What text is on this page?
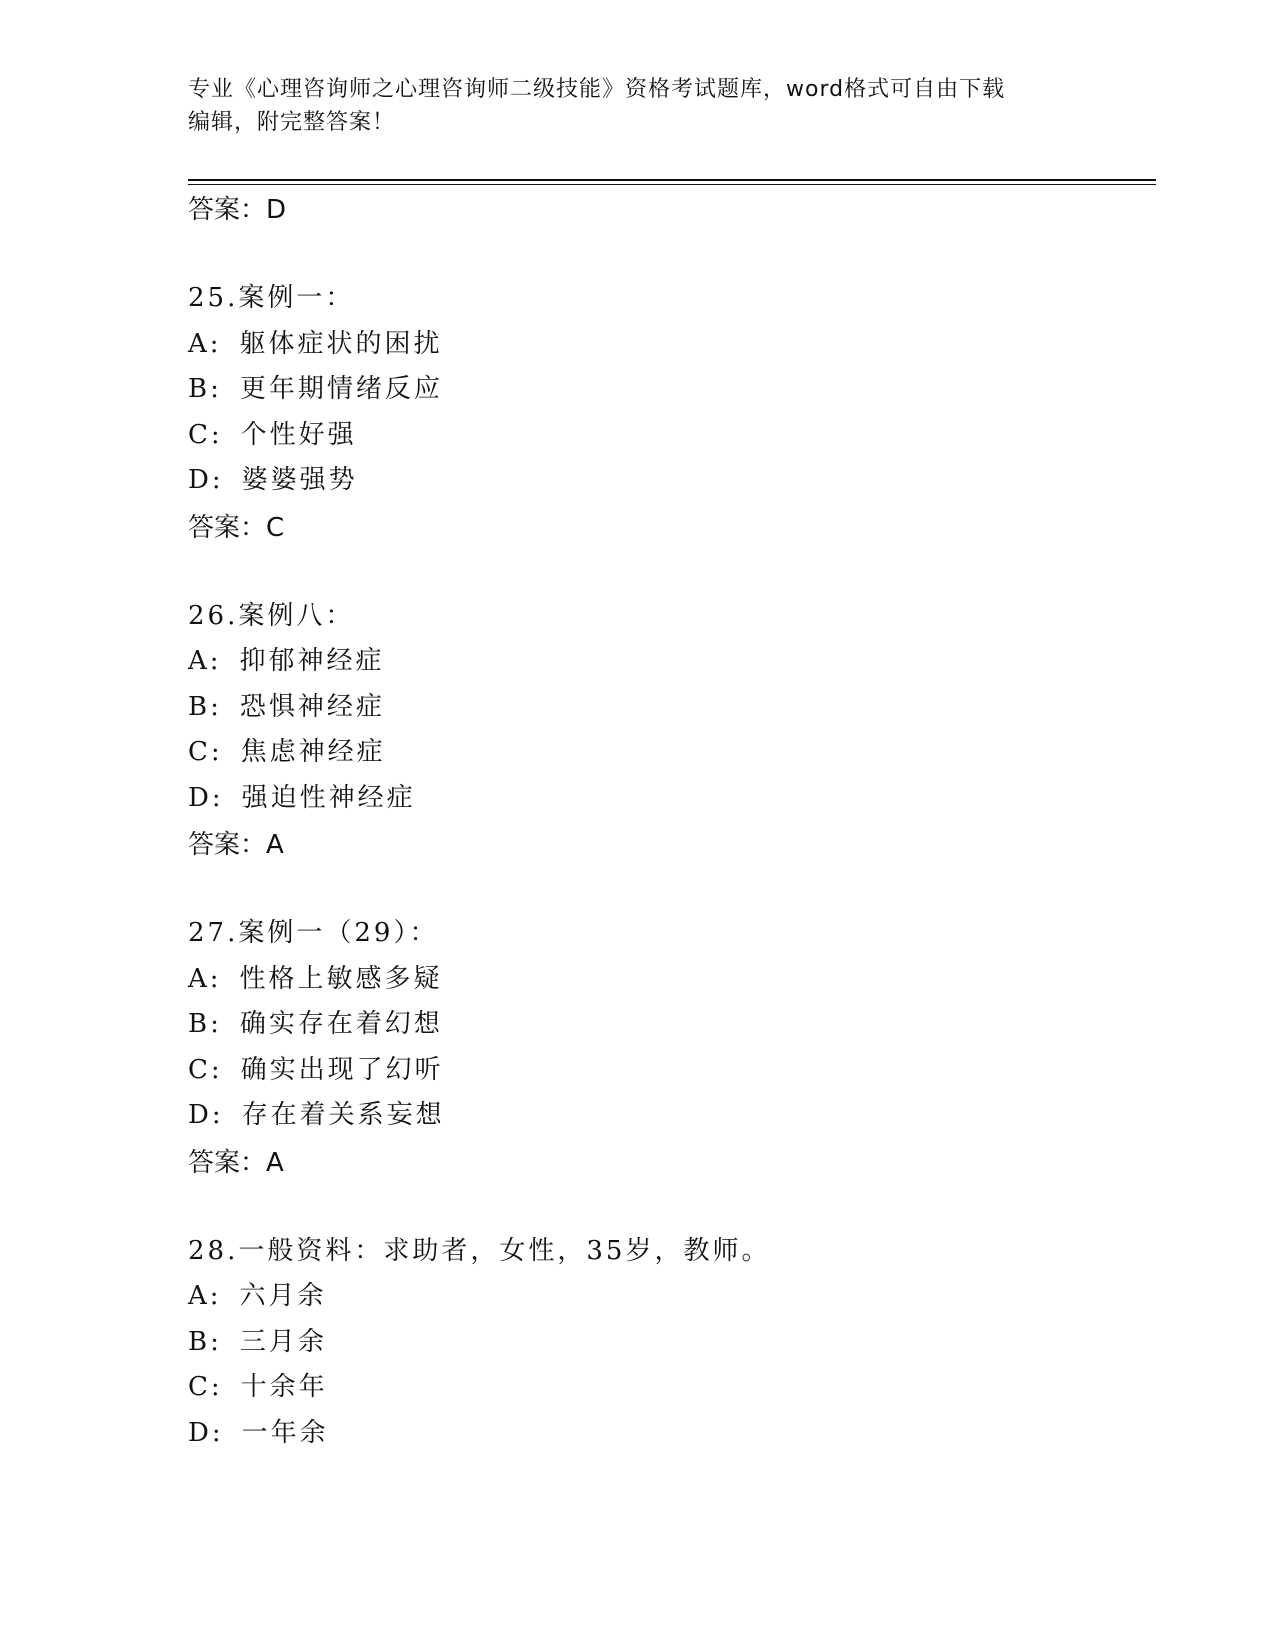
专业《心理咨询师之心理咨询师二级技能》资格考试题库，word格式可自由下载
编辑，附完整答案！
答案：D
25.案例一：
A: 躯体症状的困扰
B: 更年期情绪反应
C: 个性好强
D: 婆婆强势
答案：C
26.案例八：
A: 抑郁神经症
B: 恐惧神经症
C: 焦虑神经症
D: 强迫性神经症
答案：A
27.案例一（29）：
A: 性格上敏感多疑
B: 确实存在着幻想
C: 确实出现了幻听
D: 存在着关系妄想
答案：A
28.一般资料：求助者，女性，35岁，教师。
A: 六月余
B: 三月余
C: 十余年
D: 一年余
